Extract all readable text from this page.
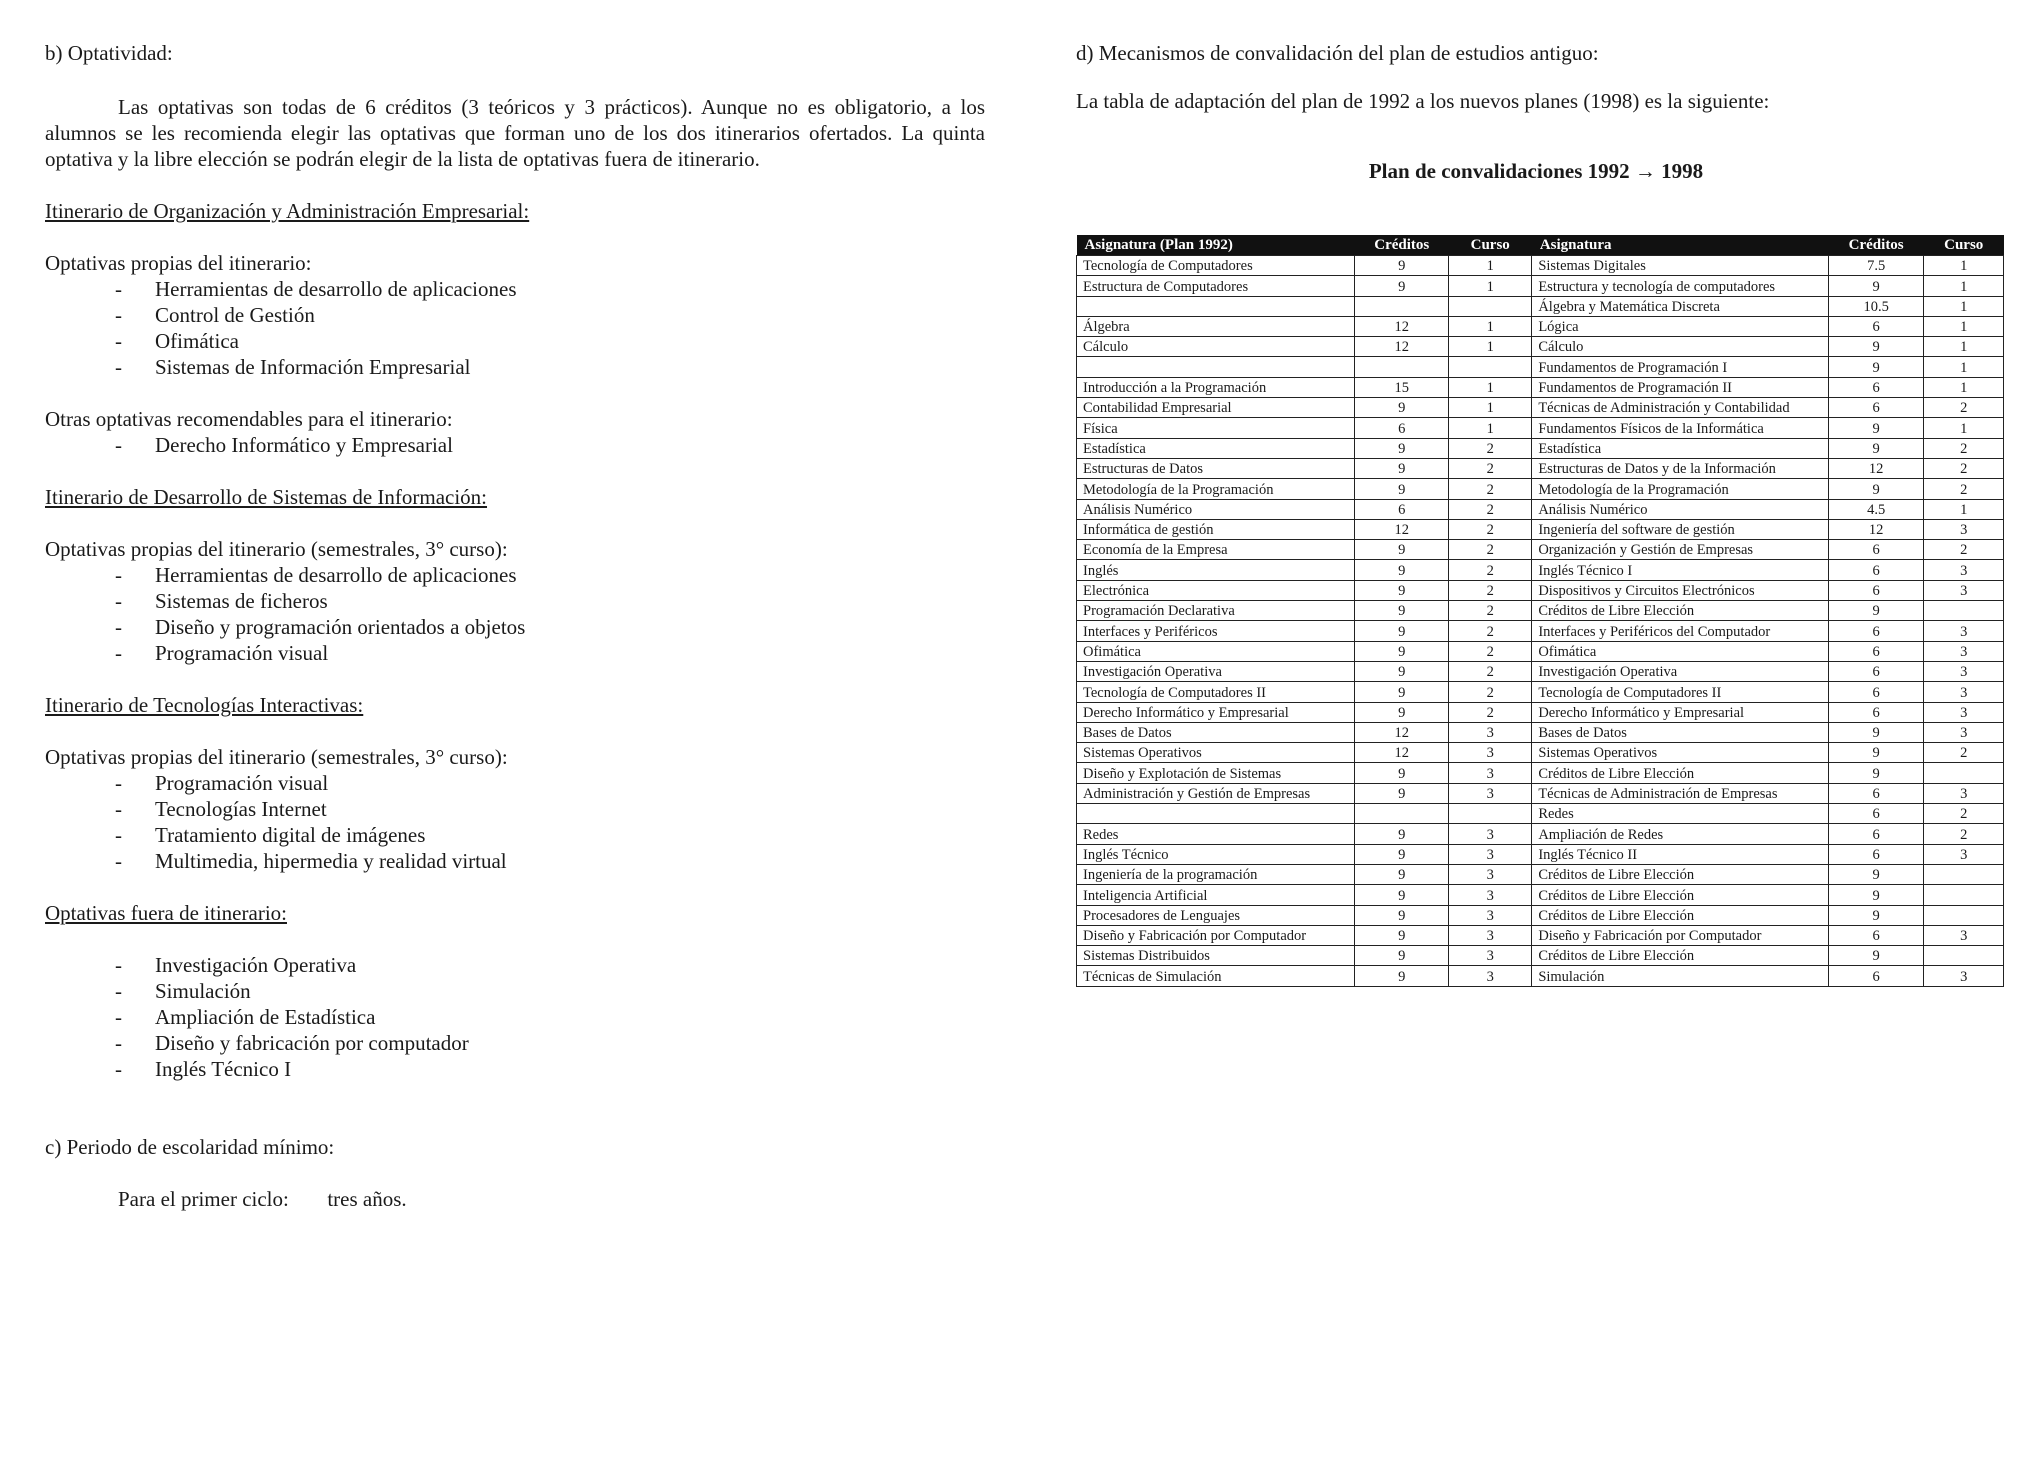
b) Optatividad:

Las optativas son todas de 6 créditos (3 teóricos y 3 prácticos). Aunque no es obligatorio, a los alumnos se les recomienda elegir las optativas que forman uno de los dos itinerarios ofertados. La quinta optativa y la libre elección se podrán elegir de la lista de optativas fuera de itinerario.

Itinerario de Organización y Administración Empresarial:

Optativas propias del itinerario:

- Herramientas de desarrollo de aplicaciones
- Control de Gestión
- Ofimática
- Sistemas de Información Empresarial

Otras optativas recomendables para el itinerario:

- Derecho Informático y Empresarial

Itinerario de Desarrollo de Sistemas de Información:

Optativas propias del itinerario (semestrales, 3° curso):

- Herramientas de desarrollo de aplicaciones
- Sistemas de ficheros
- Diseño y programación orientados a objetos
- Programación visual

Itinerario de Tecnologías Interactivas:

Optativas propias del itinerario (semestrales, 3° curso):

- Programación visual
- Tecnologías Internet
- Tratamiento digital de imágenes
- Multimedia, hipermedia y realidad virtual

Optativas fuera de itinerario:

- Investigación Operativa
- Simulación
- Ampliación de Estadística
- Diseño y fabricación por computador
- Inglés Técnico I

c) Periodo de escolaridad mínimo:

Para el primer ciclo: tres años.

d) Mecanismos de convalidación del plan de estudios antiguo:

La tabla de adaptación del plan de 1992 a los nuevos planes (1998) es la siguiente:

Plan de convalidaciones 1992 → 1998

Asignatura (Plan 1992)	Créditos	Curso	Asignatura	Créditos	Curso
Tecnología de Computadores	9	1	Sistemas Digitales	7.5	1
Estructura de Computadores	9	1	Estructura y tecnología de computadores	9	1
			Álgebra y Matemática Discreta	10.5	1
Álgebra	12	1	Lógica	6	1
Cálculo	12	1	Cálculo	9	1
			Fundamentos de Programación I	9	1
Introducción a la Programación	15	1	Fundamentos de Programación II	6	1
Contabilidad Empresarial	9	1	Técnicas de Administración y Contabilidad	6	2
Física	6	1	Fundamentos Físicos de la Informática	9	1
Estadística	9	2	Estadística	9	2
Estructuras de Datos	9	2	Estructuras de Datos y de la Información	12	2
Metodología de la Programación	9	2	Metodología de la Programación	9	2
Análisis Numérico	6	2	Análisis Numérico	4.5	1
Informática de gestión	12	2	Ingeniería del software de gestión	12	3
Economía de la Empresa	9	2	Organización y Gestión de Empresas	6	2
Inglés	9	2	Inglés Técnico I	6	3
Electrónica	9	2	Dispositivos y Circuitos Electrónicos	6	3
Programación Declarativa	9	2	Créditos de Libre Elección	9	
Interfaces y Periféricos	9	2	Interfaces y Periféricos del Computador	6	3
Ofimática	9	2	Ofimática	6	3
Investigación Operativa	9	2	Investigación Operativa	6	3
Tecnología de Computadores II	9	2	Tecnología de Computadores II	6	3
Derecho Informático y Empresarial	9	2	Derecho Informático y Empresarial	6	3
Bases de Datos	12	3	Bases de Datos	9	3
Sistemas Operativos	12	3	Sistemas Operativos	9	2
Diseño y Explotación de Sistemas	9	3	Créditos de Libre Elección	9	
Administración y Gestión de Empresas	9	3	Técnicas de Administración de Empresas	6	3
			Redes	6	2
Redes	9	3	Ampliación de Redes	6	2
Inglés Técnico	9	3	Inglés Técnico II	6	3
Ingeniería de la programación	9	3	Créditos de Libre Elección	9	
Inteligencia Artificial	9	3	Créditos de Libre Elección	9	
Procesadores de Lenguajes	9	3	Créditos de Libre Elección	9	
Diseño y Fabricación por Computador	9	3	Diseño y Fabricación por Computador	6	3
Sistemas Distribuidos	9	3	Créditos de Libre Elección	9	
Técnicas de Simulación	9	3	Simulación	6	3
